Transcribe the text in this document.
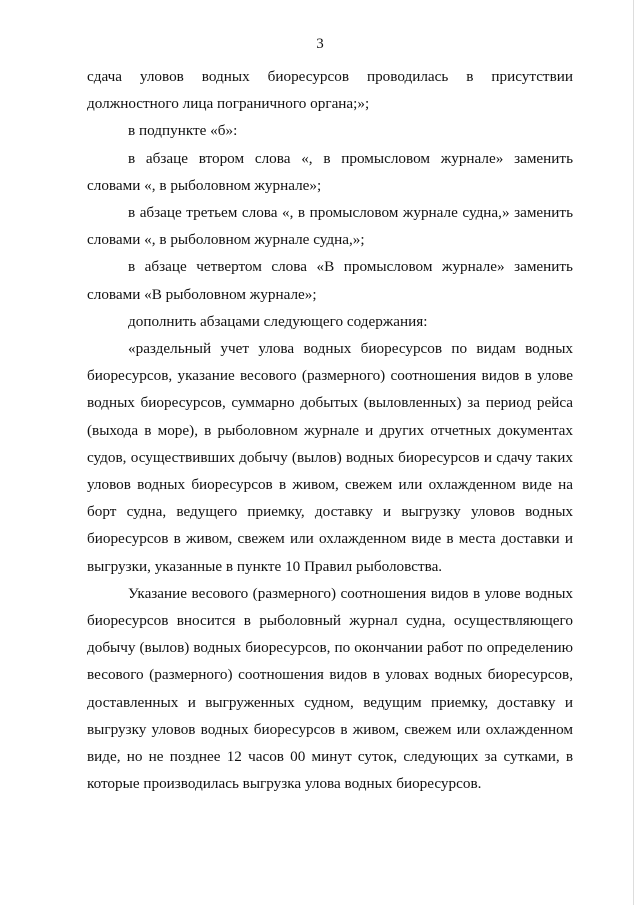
3

сдача уловов водных биоресурсов проводилась в присутствии должностного лица пограничного органа;»;

в подпункте «б»:

в абзаце втором слова «, в промысловом журнале» заменить словами «, в рыболовном журнале»;

в абзаце третьем слова «, в промысловом журнале судна,» заменить словами «, в рыболовном журнале судна,»;

в абзаце четвертом слова «В промысловом журнале» заменить словами «В рыболовном журнале»;

дополнить абзацами следующего содержания:

«раздельный учет улова водных биоресурсов по видам водных биоресурсов, указание весового (размерного) соотношения видов в улове водных биоресурсов, суммарно добытых (выловленных) за период рейса (выхода в море), в рыболовном журнале и других отчетных документах судов, осуществивших добычу (вылов) водных биоресурсов и сдачу таких уловов водных биоресурсов в живом, свежем или охлажденном виде на борт судна, ведущего приемку, доставку и выгрузку уловов водных биоресурсов в живом, свежем или охлажденном виде в места доставки и выгрузки, указанные в пункте 10 Правил рыболовства.

Указание весового (размерного) соотношения видов в улове водных биоресурсов вносится в рыболовный журнал судна, осуществляющего добычу (вылов) водных биоресурсов, по окончании работ по определению весового (размерного) соотношения видов в уловах водных биоресурсов, доставленных и выгруженных судном, ведущим приемку, доставку и выгрузку уловов водных биоресурсов в живом, свежем или охлажденном виде, но не позднее 12 часов 00 минут суток, следующих за сутками, в которые производилась выгрузка улова водных биоресурсов.
